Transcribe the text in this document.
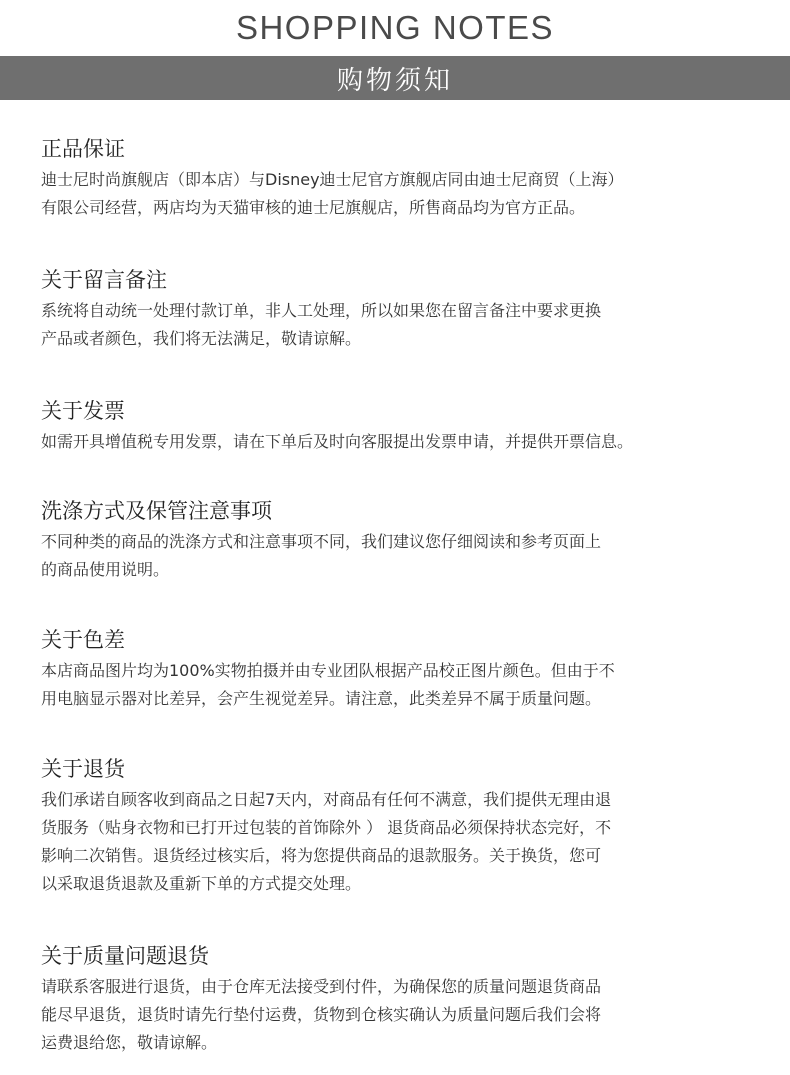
SHOPPING NOTES
购物须知
正品保证
迪士尼时尚旗舰店（即本店）与Disney迪士尼官方旗舰店同由迪士尼商贸（上海）
有限公司经营，两店均为天猫审核的迪士尼旗舰店，所售商品均为官方正品。
关于留言备注
系统将自动统一处理付款订单，非人工处理，所以如果您在留言备注中要求更换
产品或者颜色，我们将无法满足，敬请谅解。
关于发票
如需开具增值税专用发票，请在下单后及时向客服提出发票申请，并提供开票信息。
洗涤方式及保管注意事项
不同种类的商品的洗涤方式和注意事项不同，我们建议您仔细阅读和参考页面上
的商品使用说明。
关于色差
本店商品图片均为100%实物拍摄并由专业团队根据产品校正图片颜色。但由于不
用电脑显示器对比差异，会产生视觉差异。请注意，此类差异不属于质量问题。
关于退货
我们承诺自顾客收到商品之日起7天内，对商品有任何不满意，我们提供无理由退
货服务（贴身衣物和已打开过包装的首饰除外 ） 退货商品必须保持状态完好，不
影响二次销售。退货经过核实后，将为您提供商品的退款服务。关于换货，您可
以采取退货退款及重新下单的方式提交处理。
关于质量问题退货
请联系客服进行退货，由于仓库无法接受到付件，为确保您的质量问题退货商品
能尽早退货，退货时请先行垫付运费，货物到仓核实确认为质量问题后我们会将
运费退给您，敬请谅解。
